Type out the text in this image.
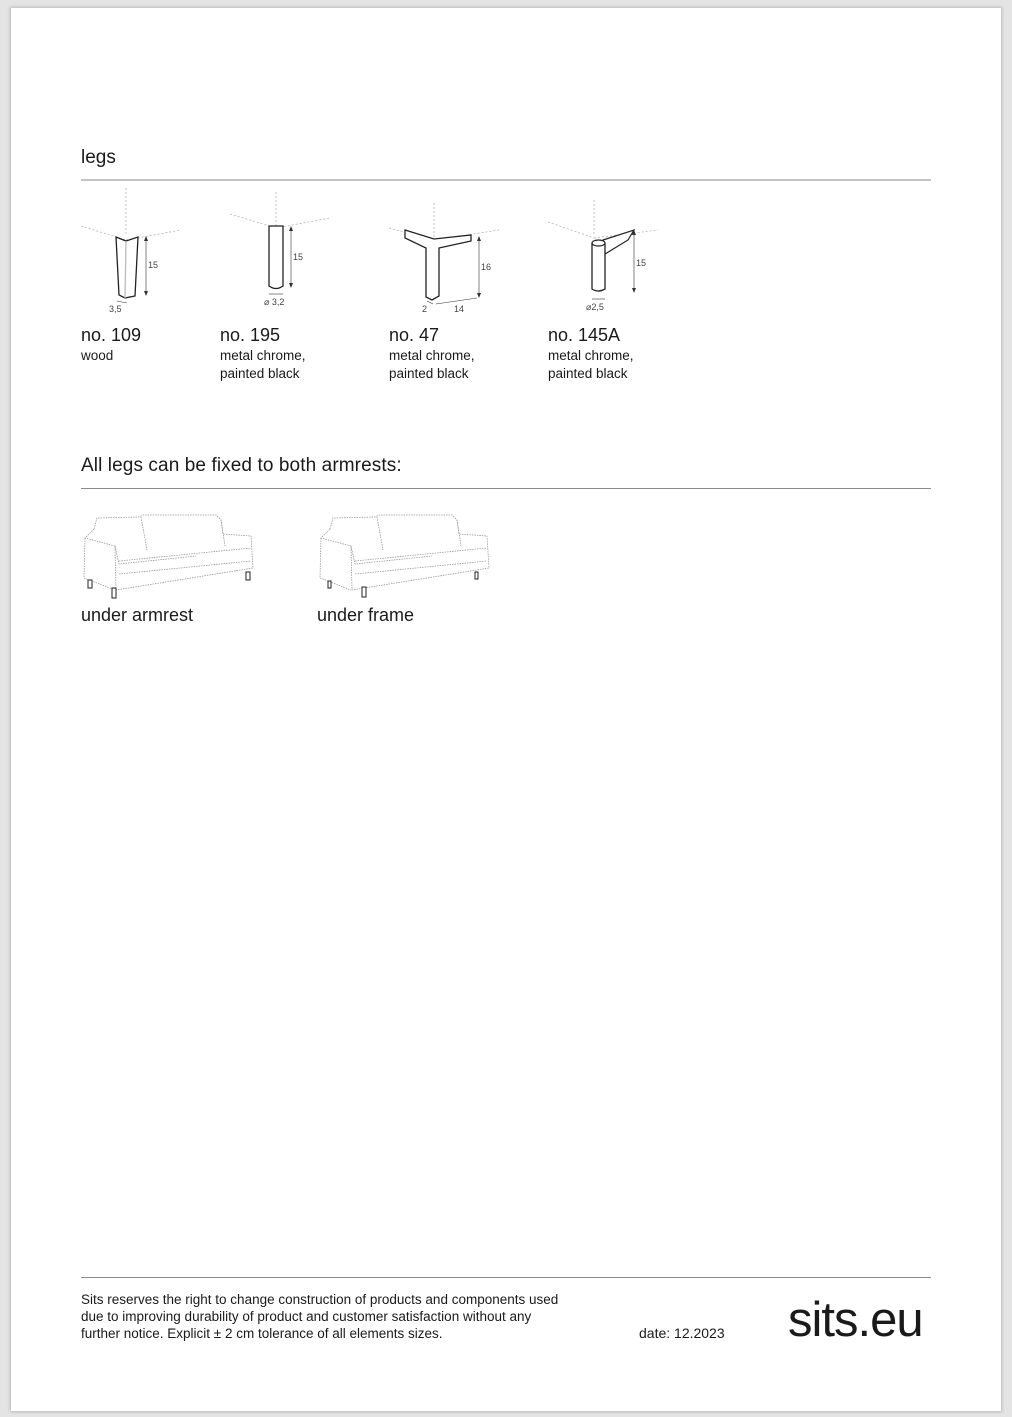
legs
15
3,5
no. 109
wood
15
⌀ 3,2
no. 195
metal chrome,
painted black
16
2	14
no. 47
metal chrome,
painted black
15
⌀2,5
no. 145A
metal chrome,
painted black
All legs can be fixed to both armrests:
under armrest	under frame
Sits reserves the right to change construction of products and components used
due to improving durability of product and customer satisfaction without any
further notice. Explicit ± 2 cm tolerance of all elements sizes.	date: 12.2023 sits.eu
